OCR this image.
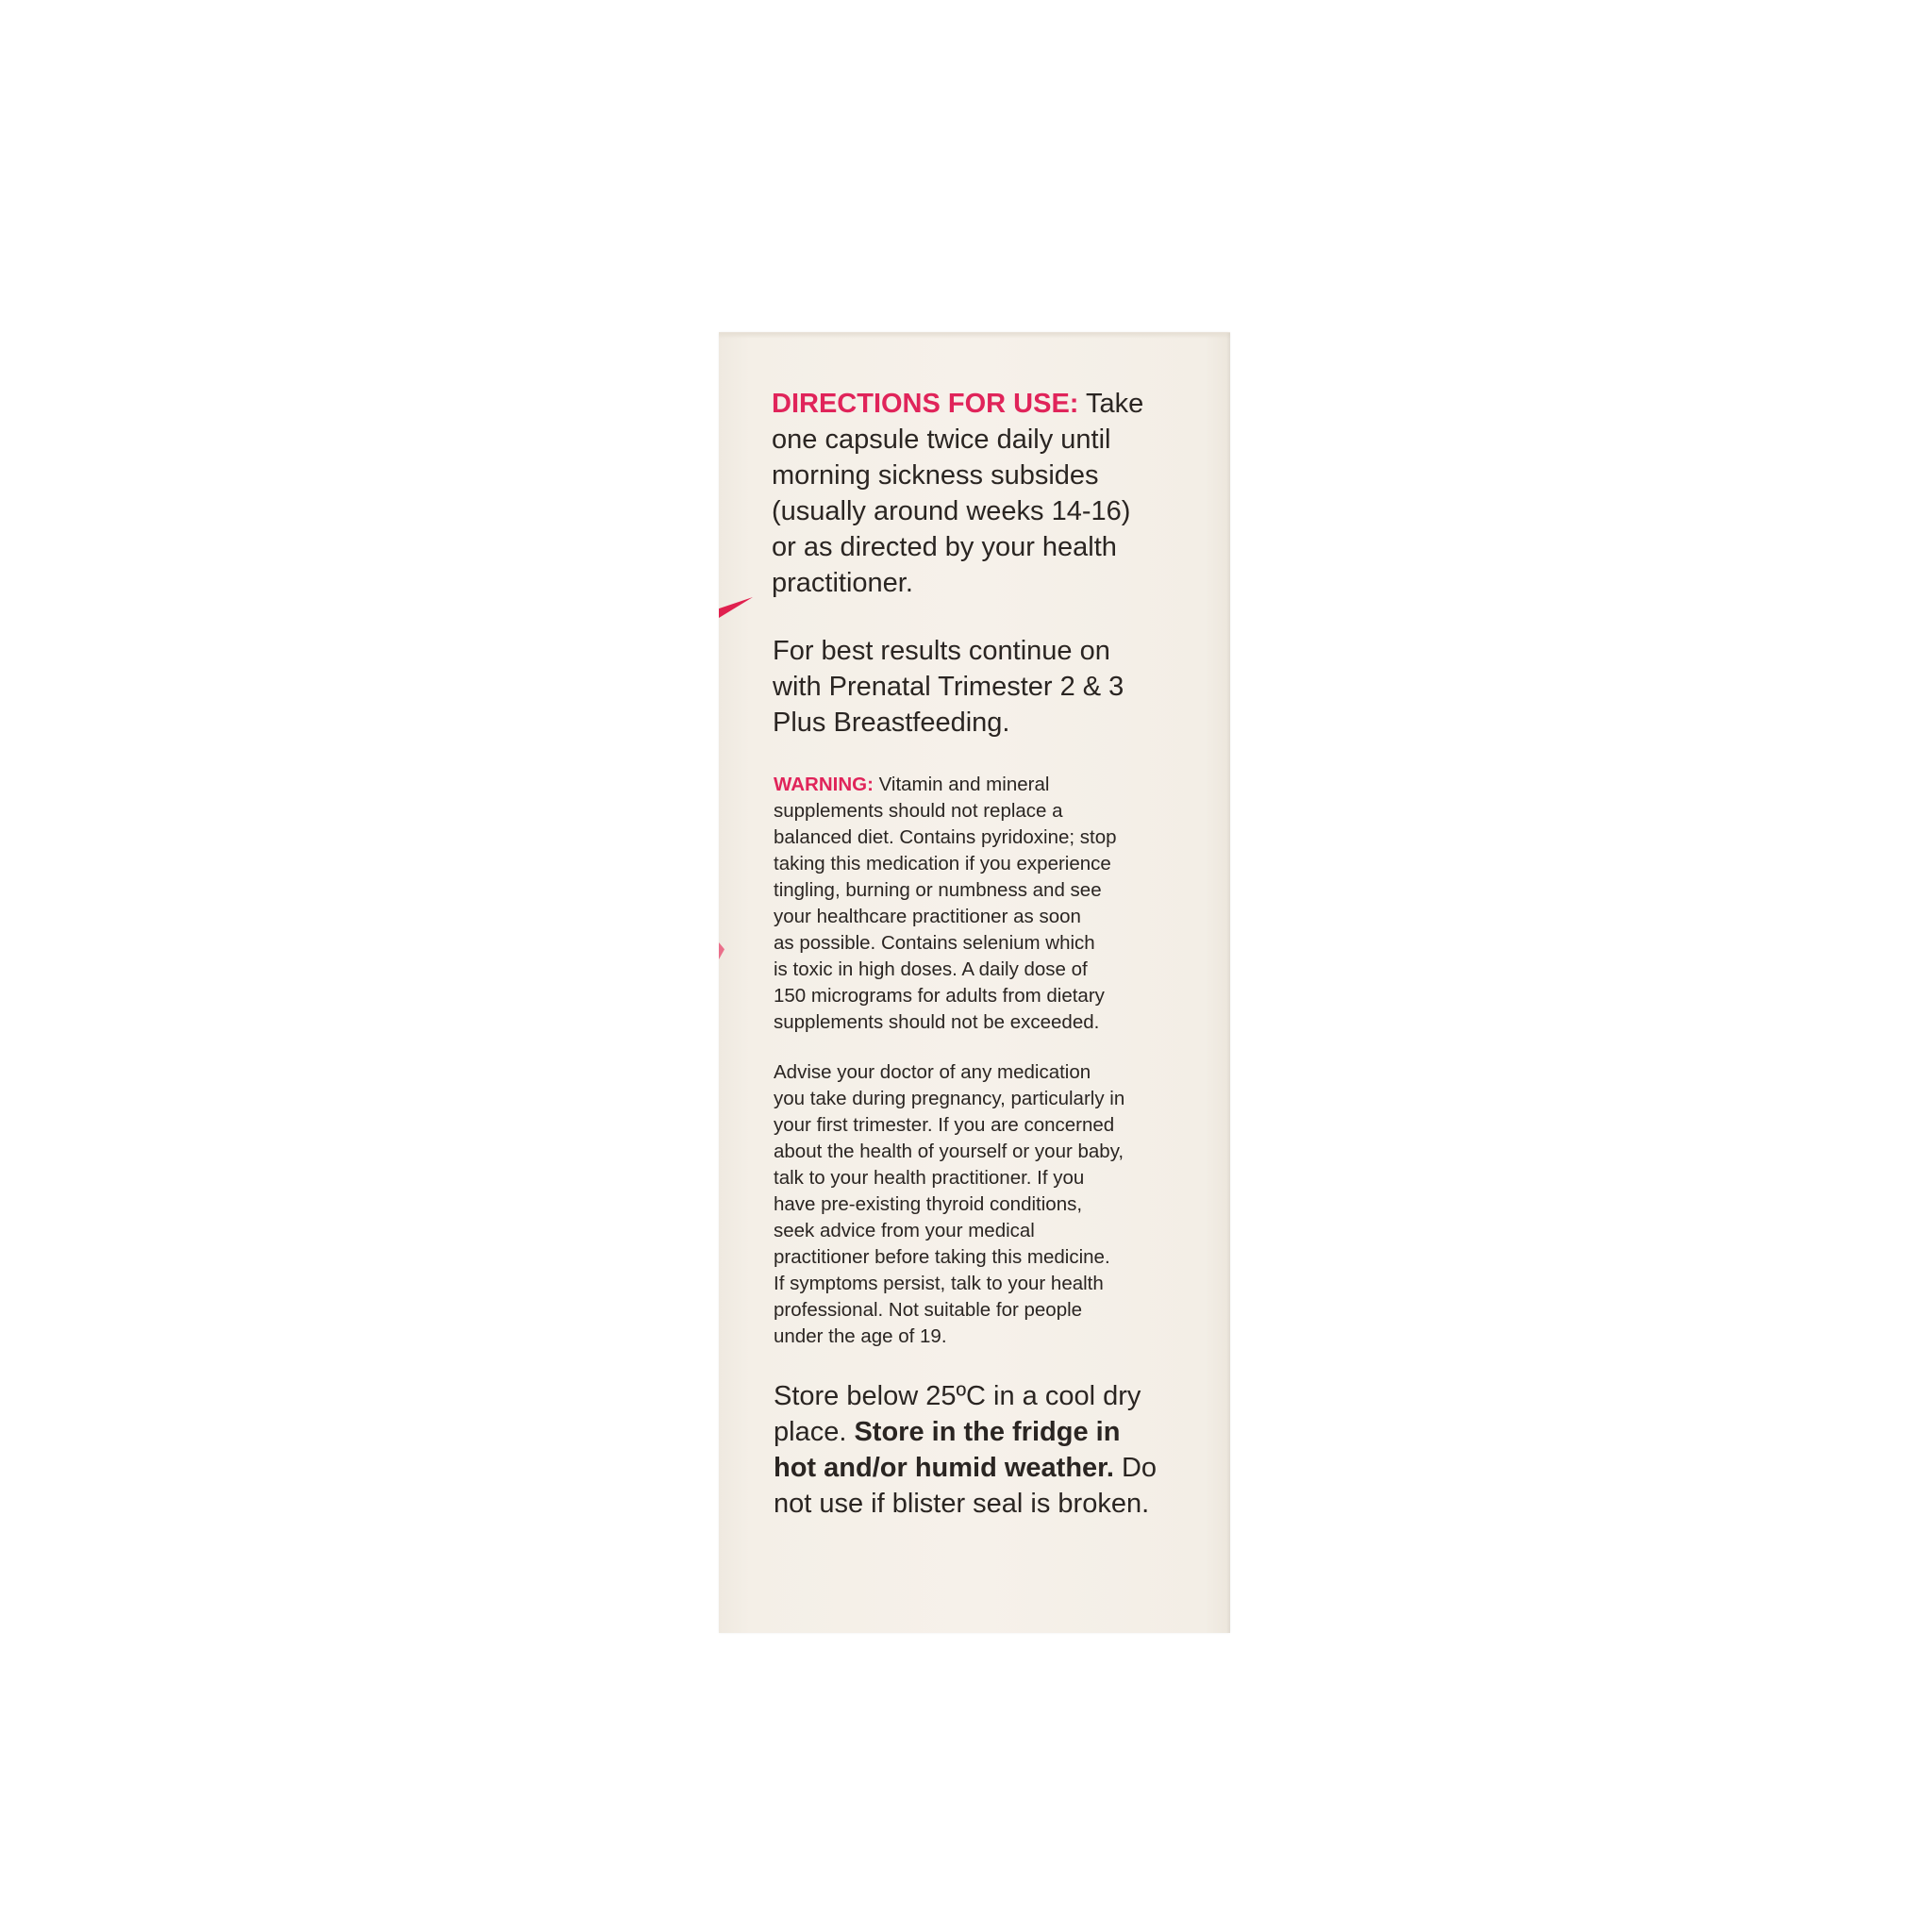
DIRECTIONS FOR USE: Take
one capsule twice daily until
morning sickness subsides
(usually around weeks 14-16)
or as directed by your health
practitioner.
For best results continue on
with Prenatal Trimester 2 & 3
Plus Breastfeeding.
WARNING: Vitamin and mineral
supplements should not replace a
balanced diet. Contains pyridoxine; stop
taking this medication if you experience
tingling, burning or numbness and see
your healthcare practitioner as soon
as possible. Contains selenium which
is toxic in high doses. A daily dose of
150 micrograms for adults from dietary
supplements should not be exceeded.
Advise your doctor of any medication
you take during pregnancy, particularly in
your first trimester. If you are concerned
about the health of yourself or your baby,
talk to your health practitioner. If you
have pre-existing thyroid conditions,
seek advice from your medical
practitioner before taking this medicine.
If symptoms persist, talk to your health
professional. Not suitable for people
under the age of 19.
Store below 25ºC in a cool dry
place. Store in the fridge in
hot and/or humid weather. Do
not use if blister seal is broken.
